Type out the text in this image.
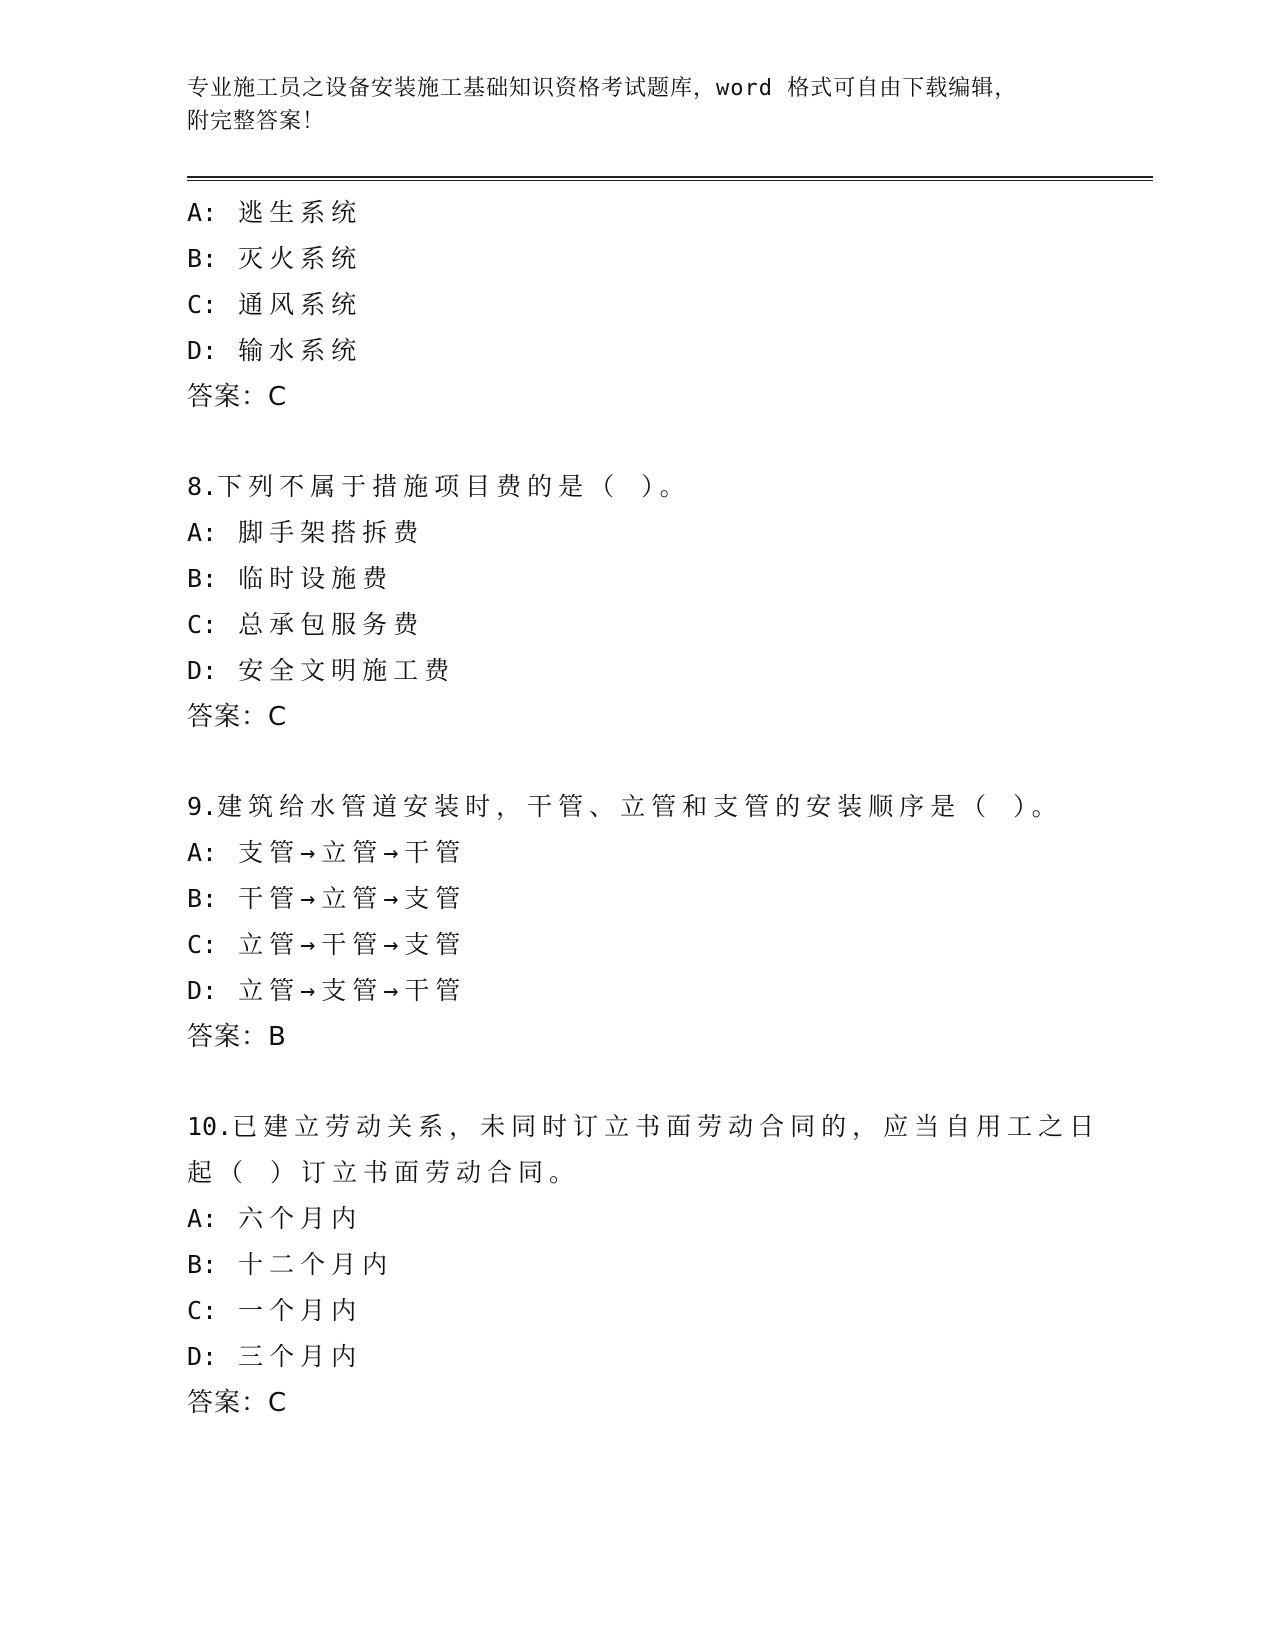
专业施工员之设备安装施工基础知识资格考试题库，word 格式可自由下载编辑，
附完整答案！
A: 逃生系统
B: 灭火系统
C: 通风系统
D: 输水系统
答案：C
8.下列不属于措施项目费的是（ ）。
A: 脚手架搭拆费
B: 临时设施费
C: 总承包服务费
D: 安全文明施工费
答案：C
9.建筑给水管道安装时，干管、立管和支管的安装顺序是（ ）。
A: 支管→立管→干管
B: 干管→立管→支管
C: 立管→干管→支管
D: 立管→支管→干管
答案：B
10.已建立劳动关系，未同时订立书面劳动合同的，应当自用工之日起（ ）订立书面劳动合同。
A: 六个月内
B: 十二个月内
C: 一个月内
D: 三个月内
答案：C
